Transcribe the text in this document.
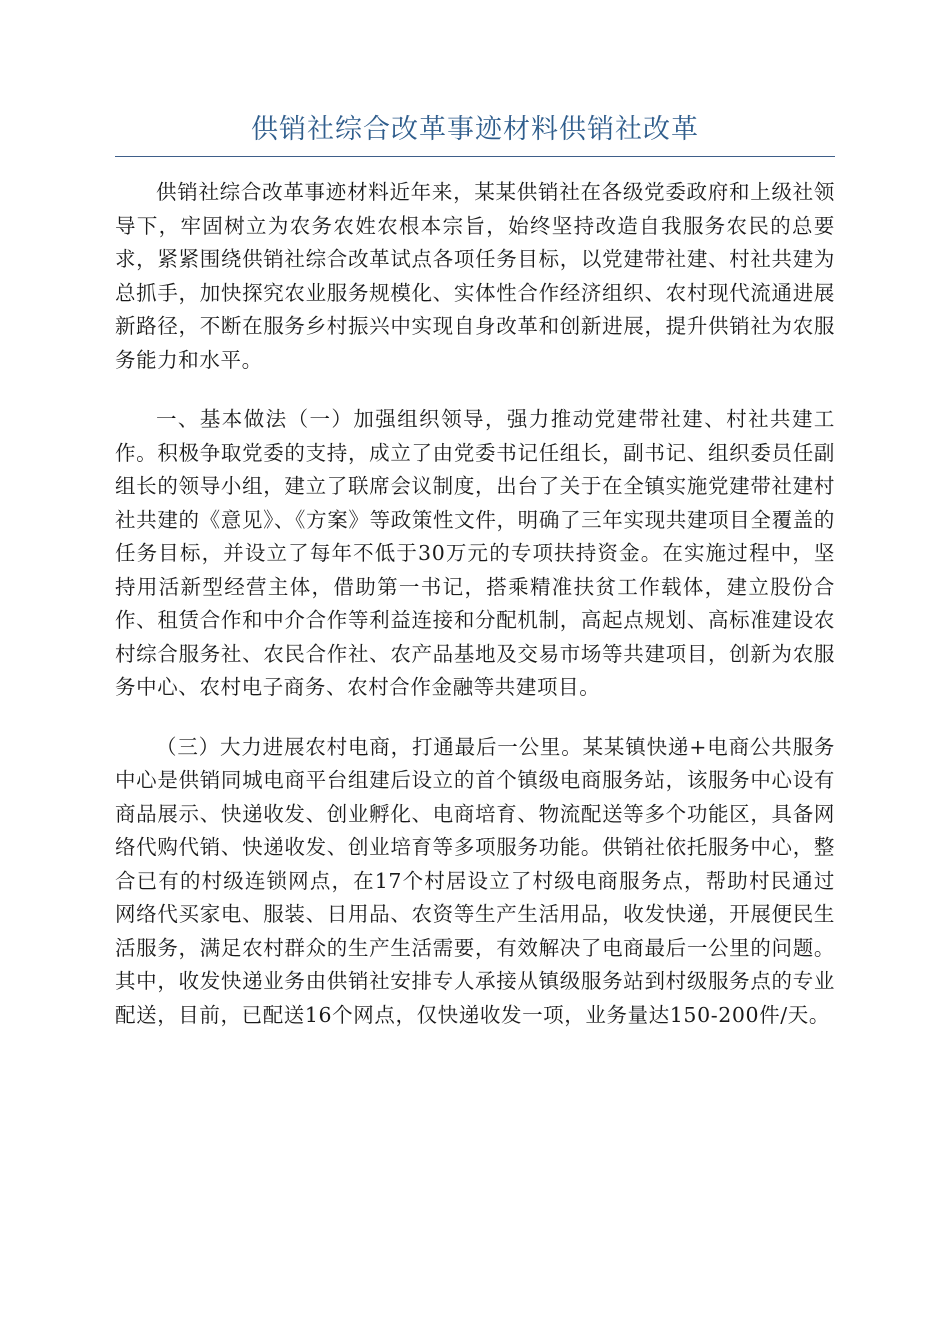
供销社综合改革事迹材料供销社改革

供销社综合改革事迹材料近年来，某某供销社在各级党委政府和上级社领导下，牢固树立为农务农姓农根本宗旨，始终坚持改造自我服务农民的总要求，紧紧围绕供销社综合改革试点各项任务目标，以党建带社建、村社共建为总抓手，加快探究农业服务规模化、实体性合作经济组织、农村现代流通进展新路径，不断在服务乡村振兴中实现自身改革和创新进展，提升供销社为农服务能力和水平。

一、基本做法（一）加强组织领导，强力推动党建带社建、村社共建工作。积极争取党委的支持，成立了由党委书记任组长，副书记、组织委员任副组长的领导小组，建立了联席会议制度，出台了关于在全镇实施党建带社建村社共建的《意见》、《方案》等政策性文件，明确了三年实现共建项目全覆盖的任务目标，并设立了每年不低于30万元的专项扶持资金。在实施过程中，坚持用活新型经营主体，借助第一书记，搭乘精准扶贫工作载体，建立股份合作、租赁合作和中介合作等利益连接和分配机制，高起点规划、高标准建设农村综合服务社、农民合作社、农产品基地及交易市场等共建项目，创新为农服务中心、农村电子商务、农村合作金融等共建项目。

（三）大力进展农村电商，打通最后一公里。某某镇快递+电商公共服务中心是供销同城电商平台组建后设立的首个镇级电商服务站，该服务中心设有商品展示、快递收发、创业孵化、电商培育、物流配送等多个功能区，具备网络代购代销、快递收发、创业培育等多项服务功能。供销社依托服务中心，整合已有的村级连锁网点，在17个村居设立了村级电商服务点，帮助村民通过网络代买家电、服装、日用品、农资等生产生活用品，收发快递，开展便民生活服务，满足农村群众的生产生活需要，有效解决了电商最后一公里的问题。其中，收发快递业务由供销社安排专人承接从镇级服务站到村级服务点的专业配送，目前，已配送16个网点，仅快递收发一项，业务量达150-200件/天。
